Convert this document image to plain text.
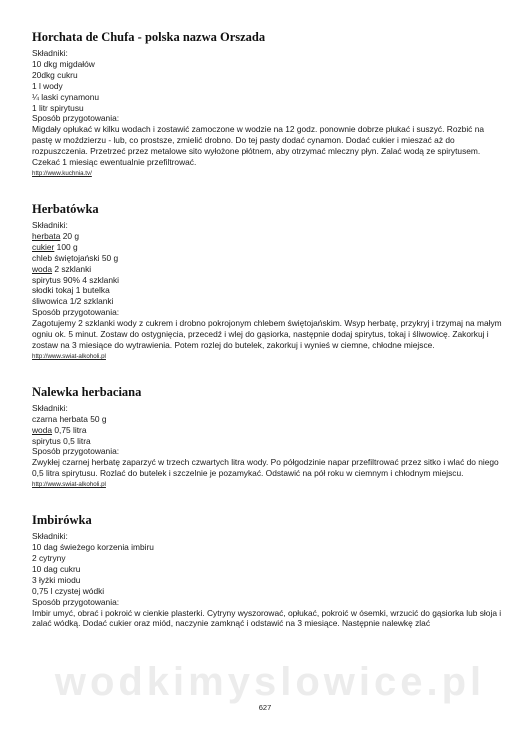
Horchata de Chufa - polska nazwa Orszada
Składniki:
10 dkg migdałów
20dkg cukru
1 l wody
¼ laski cynamonu
1 litr spirytusu
Sposób przygotowania:
Migdały opłukać w kilku wodach i zostawić zamoczone w wodzie na 12 godz. ponownie dobrze płukać i suszyć. Rozbić na pastę w moździerzu - lub, co prostsze, zmielić drobno. Do tej pasty dodać cynamon. Dodać cukier i mieszać aż do rozpuszczenia. Przetrzeć przez metalowe sito wyłożone płótnem, aby otrzymać mleczny płyn. Zalać wodą ze spirytusem. Czekać 1 miesiąc ewentualnie przefiltrować.
http://www.kuchnia.tv/
Herbatówka
Składniki:
herbata 20 g
cukier 100 g
chleb świętojański 50 g
woda 2 szklanki
spirytus 90% 4 szklanki
słodki tokaj 1 butelka
śliwowica 1/2 szklanki
Sposób przygotowania:
Zagotujemy 2 szklanki wody z cukrem i drobno pokrojonym chlebem świętojańskim. Wsyp herbatę, przykryj i trzymaj na małym ogniu ok. 5 minut. Zostaw do ostygnięcia, przecedź i wlej do gąsiorka, następnie dodaj spirytus, tokaj i śliwowicę. Zakorkuj i zostaw na 3 miesiące do wytrawienia. Potem rozlej do butelek, zakorkuj i wynieś w ciemne, chłodne miejsce.
http://www.swiat-alkoholi.pl
Nalewka herbaciana
Składniki:
czarna herbata 50 g
woda 0,75 litra
spirytus 0,5 litra
Sposób przygotowania:
Zwykłej czarnej herbatę zaparzyć w trzech czwartych litra wody. Po półgodzinie napar przefiltrować przez sitko i wlać do niego 0,5 litra spirytusu. Rozlać do butelek i szczelnie je pozamykać. Odstawić na pół roku w ciemnym i chłodnym miejscu.
http://www.swiat-alkoholi.pl
Imbirówka
Składniki:
10 dag świeżego korzenia imbiru
2 cytryny
10 dag cukru
3 łyżki miodu
0,75 l czystej wódki
Sposób przygotowania:
Imbir umyć, obrać i pokroić w cienkie plasterki. Cytryny wyszorować, opłukać, pokroić w ósemki, wrzucić do gąsiorka lub słoja i zalać wódką. Dodać cukier oraz miód, naczynie zamknąć i odstawić na 3 miesiące. Następnie nalewkę zlać
wodkimyslowice.pl
627
